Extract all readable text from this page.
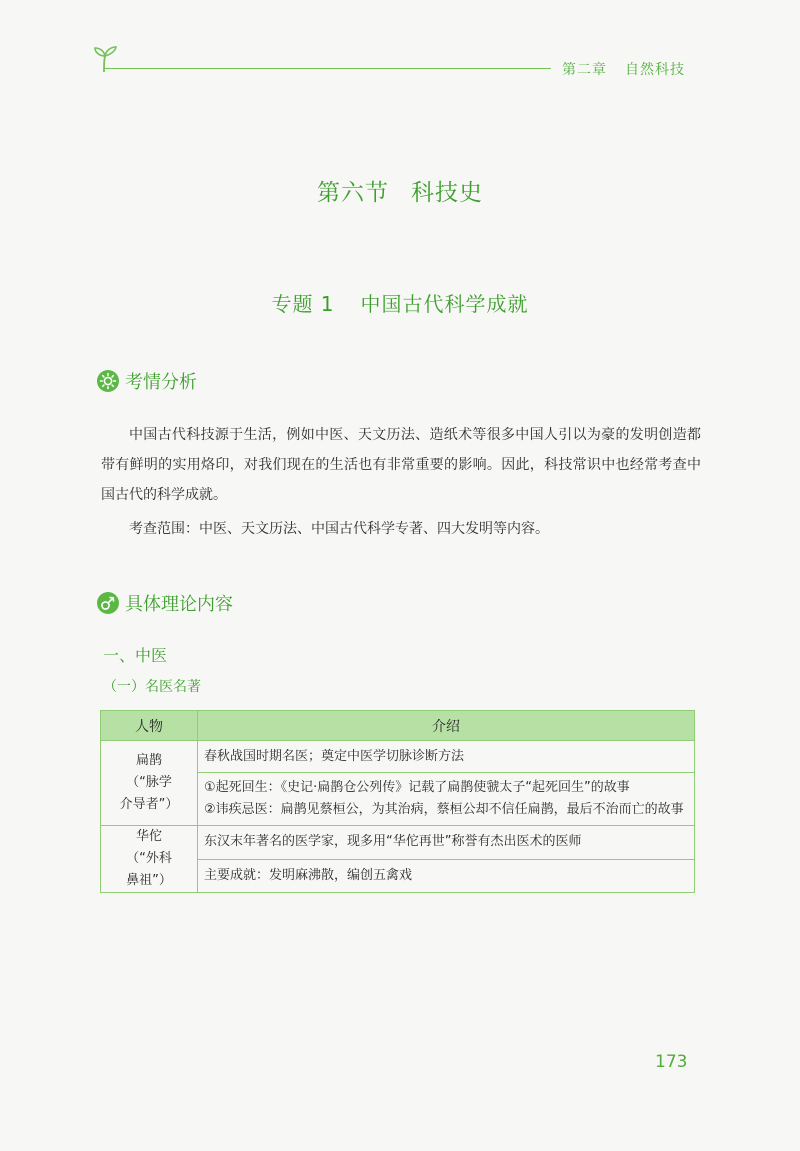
第二章 自然科技
第六节 科技史
专题 1 中国古代科学成就
考情分析

中国古代科技源于生活，例如中医、天文历法、造纸术等很多中国人引以为豪的发明创造都带有鲜明的实用烙印，对我们现在的生活也有非常重要的影响。因此，科技常识中也经常考查中国古代的科学成就。

考查范围：中医、天文历法、中国古代科学专著、四大发明等内容。

具体理论内容
一、中医
（一）名医名著
人物	介绍

扁鹊
（“脉学
介导者”）	春秋战国时期名医；奠定中医学切脉诊断方法

	①起死回生：《史记·扁鹊仓公列传》记载了扁鹊使虢太子“起死回生”的故事
②讳疾忌医：扁鹊见蔡桓公，为其治病，蔡桓公却不信任扁鹊，最后不治而亡的故事

华佗
（“外科
鼻祖”）	东汉末年著名的医学家，现多用“华佗再世”称誉有杰出医术的医师
	主要成就：发明麻沸散，编创五禽戏
173
